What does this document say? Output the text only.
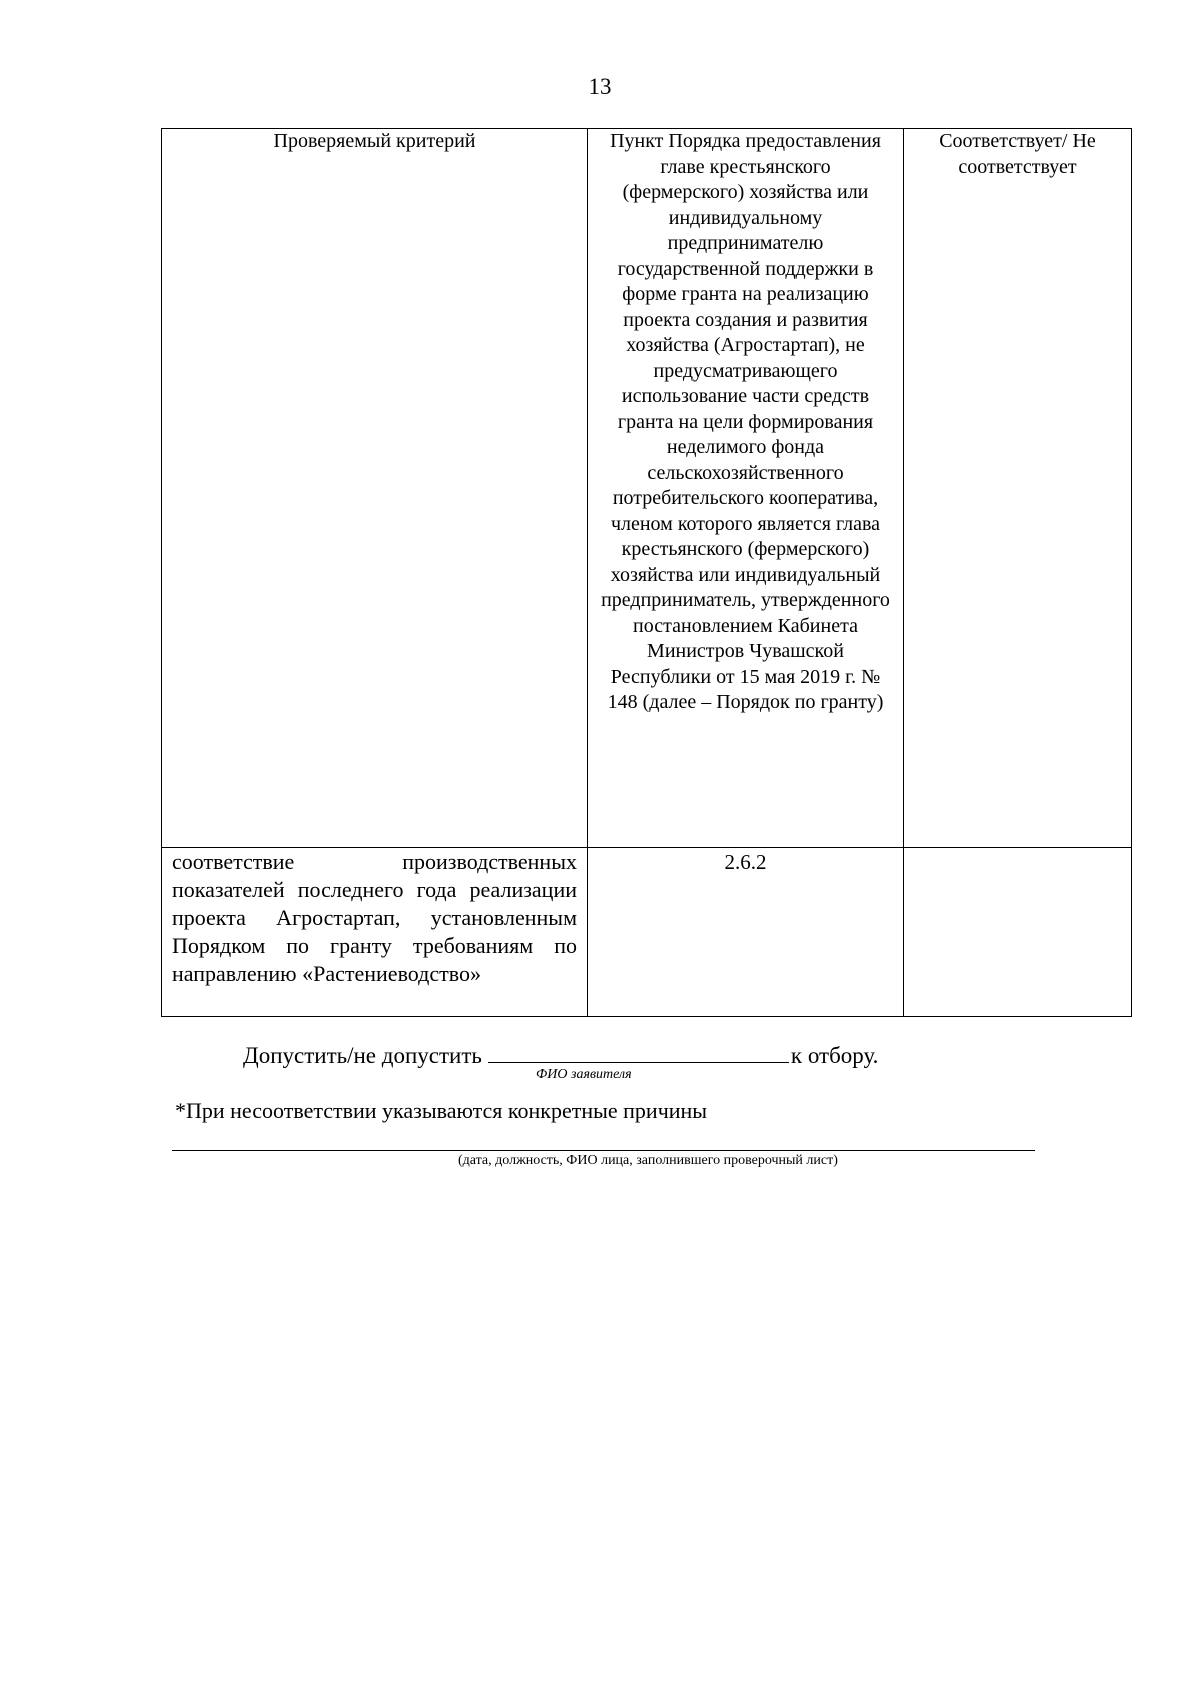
13
Проверяемый критерий	Пункт Порядка предоставления главе крестьянского (фермерского) хозяйства или индивидуальному предпринимателю государственной поддержки в форме гранта на реализацию проекта создания и развития хозяйства (Агростартап), не предусматривающего использование части средств гранта на цели формирования неделимого фонда сельскохозяйственного потребительского кооператива, членом которого является глава крестьянского (фермерского) хозяйства или индивидуальный предприниматель, утвержденного постановлением Кабинета Министров Чувашской Республики от 15 мая 2019 г. № 148 (далее – Порядок по гранту)	Соответствует/ Не соответствует
соответствие производственных показателей последнего года реализации проекта Агростартап, установленным Порядком по гранту требованиям по направлению «Растениеводство»	2.6.2	
Допустить/не допустить	к отбору.
ФИО заявителя
*При несоответствии указываются конкретные причины
(дата, должность, ФИО лица, заполнившего проверочный лист)
